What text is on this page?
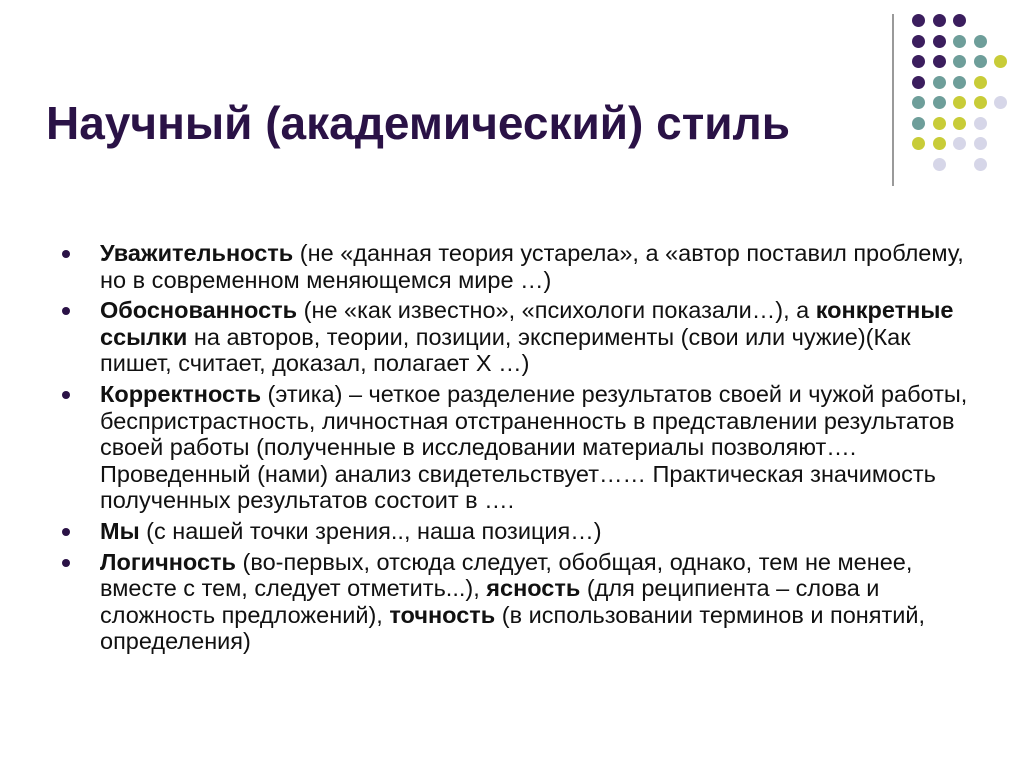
Научный (академический) стиль
Уважительность (не «данная теория устарела», а «автор поставил проблему, но в современном меняющемся мире …)
Обоснованность (не «как известно», «психологи показали…), а конкретные ссылки на авторов, теории, позиции, эксперименты (свои или чужие)(Как пишет, считает, доказал, полагает Х …)
Корректность (этика) – четкое разделение результатов своей и чужой работы, беспристрастность, личностная отстраненность в представлении результатов своей работы (полученные в исследовании материалы позволяют…. Проведенный (нами) анализ свидетельствует…… Практическая значимость полученных результатов состоит в ….
Мы (с нашей точки зрения.., наша позиция…)
Логичность (во-первых, отсюда следует, обобщая, однако, тем не менее, вместе с тем, следует отметить...), ясность (для реципиента – слова и сложность предложений), точность (в использовании терминов и понятий, определения)
